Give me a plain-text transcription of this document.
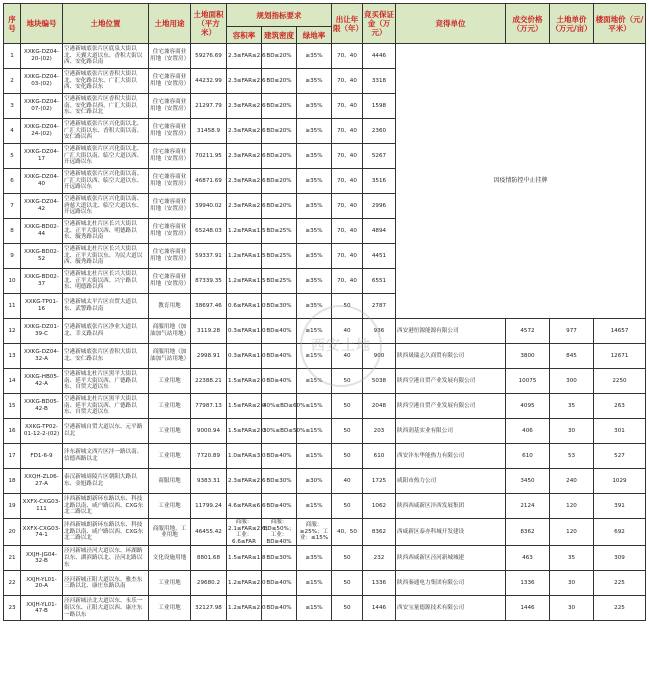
序号	地块编号	土地位置	土地用途	土地面积（平方米）	规划指标要求			出让年限（年）	竞买保证金（万元）	竞得单位	成交价格（万元）	土地单价（万元/亩）	楼面地价（元/平米）
					容积率	建筑密度	绿地率						
1	XXKG-DZ04-20-(02)	空港新城底张片区底泉大街以北、天翼大道以东、香积大街以西、安化路以南	住宅兼容商业用地（安置房）	59276.69	2.3≤FAR≤2.6	BD≤20%	≥35%	70、40	4446	因疫情防控中止挂牌			
2	XXKG-DZ04-03-(02)	空港新城底张片区香积大街以北、安化路以东、广汇大街以西、安化路以东	住宅兼容商业用地（安置房）	44232.99	2.3≤FAR≤2.6	BD≤20%	≥35%	70、40	3318				
3	XXKG-DZ04-07-(02)	空港新城底张片区香积大街以南、安化路以西、广汇大街以东、安仁路以北	住宅兼容商业用地（安置房）	21297.79	2.3≤FAR≤2.6	BD≤20%	≥35%	70、40	1598				
4	XXKG-DZ04-24-(02)	空港新城底张片区兴化街以北、广汇大街以东、香积大街以南、安仁路以西	住宅兼容商业用地（安置房）	31458.9	2.3≤FAR≤2.6	BD≤20%	≥35%	70、40	2360				
5	XXKG-DZ04-17	空港新城底张片区兴化街以北、广汇大街以南、临空大道以西、开远路以东	住宅兼容商业用地（安置房）	70211.95	2.3≤FAR≤2.6	BD≤20%	≥35%	70、40	5267				
6	XXKG-DZ04-40	空港新城底张片区兴化街以南、广汇大街以西、临空大道以东、开远路以东	住宅兼容商业用地（安置房）	46871.69	2.3≤FAR≤2.6	BD≤20%	≥35%	70、40	3516				
7	XXKG-DZ04-42	空港新城底张片区兴化街以南、唐慈大道以北、临空大道以东、开远路以东	住宅兼容商业用地（安置房）	39940.02	2.3≤FAR≤2.6	BD≤20%	≥35%	70、40	2996				
8	XXKG-BD02-44	空港新城北杜片区长兴大街以北、正平大街以西、明德路以东、毓秀路以南	住宅兼容商业用地（安置房）	65248.03	1.2≤FAR≤1.5	BD≤25%	≥35%	70、40	4894				
9	XXKG-BD02-52	空港新城北杜片区长兴大街以北、正平大街以东、为民大道以西、毓秀路以南	住宅兼容商业用地（安置房）	59337.91	1.2≤FAR≤1.5	BD≤25%	≥35%	70、40	4451				
10	XXKG-BD02-37	空港新城北杜片区长兴大街以北、正平大街以西、兴宁路以东、明德路以西	住宅兼容商业用地（安置房）	87339.35	1.2≤FAR≤1.5	BD≤25%	≥35%	70、40	6551				
11	XXKG-TP01-16	空港新城太平片区自贸大道以东、武警路以南	教育用地	38697.46	0.6≤FAR≤1.0	BD≤30%	≥35%	50	2787				
12	XXKG-DZ01-39-C	空港新城底张片区净业大道以北、幸义路以西	商服用地（加油加气站用地）	3119.28	0.3≤FAR≤1.0	BD≤40%	≥15%	40	936	西安港恒源能源有限公司	4572	977	14657
13	XXKG-DZ04-32-A	空港新城底张片区香积大街以北、安仁路以东	商服用地（加油加气站用地）	2998.91	0.3≤FAR≤1.0	BD≤40%	≥15%	40	900	陕西晟瑞志久商贸有限公司	3800	845	12671
14	XXKG-HB05-42-A	空港新城北杜片区黑平大街以南、延平大街以西、广德路以东、自贸大道以东	工业用地	22388.21	1.5≤FAR≤2.0	BD≥40%	≤15%	50	5038	陕西空港自贸产业发展有限公司	10075	300	2250
15	XXKG-BD05-42-B	空港新城北杜片区黑平大街以南、延平大街以西、广德路以东、自贸大道以东	工业用地	77987.13	1.5≤FAR≤2.0	40%≤BD≤60%	≤15%	50	2048	陕西空港自贸产业发展有限公司	4095	35	263
16	XXKG-TP02-01-12-2-(02)	空港新城自贸大道以东、元平路以北	工业用地	9000.94	1.5≤FAR≤2.0	30%≤BD≤50%	≤15%	50	203	陕西润基实业有限公司	406	30	301
17	FD1-6-9	沣东新城文西片区沣一路以南、信德西路以北	工业用地	7720.89	1.0≤FAR≤3.0	BD≥40%	≤15%	50	610	西安沣东华能热力有限公司	610	53	527
18	XXQH-ZL06-27-A	泰汉新城周陵片区朝阳大路以东、金旭路以北	商服用地	9383.31	2.3≤FAR≤2.6	BD≤30%	≥30%	40	1725	咸阳市热力公司	3450	240	1029
19	XXFX-CXG03-111	沣西新城朗新环东路以东、科技北路以南、咸户路以西、CXG东北二路以北	工业用地	11799.24	4.6≤FAR≤6.6	BD≥40%	≤15%	50	1062	陕西西咸新区沣西发展集团	2124	120	391
20	XXFX-CXG03-74-1	沣西新城朗新环东路以东、科技北路以南、咸户路以西、CXG东北二路以北	商服用地、工业用地	46455.42	商服：2.1≤FAR≤2.6；工业：6.6≤FAR	商服：BD≤50%；工业：BD≥40%	商服：≥25%；工业：≤15%	40、50	8362	西咸新区泰亦科城开发建设	8362	120	692
21	XXJH-JG04-32-B	泾河新城泾河大道以东、环湖路以东、湖滨路以北、泾河北路以东	文化设施用地	8801.68	1.5≤FAR≤1.8	BD≤30%	≥35%	50	232	陕西西咸新区泾河新城城建	463	35	309
22	XXJH-YL01-20-A	泾河新城正阳大道以东、雅杰东三路以北、康庄东路以南	工业用地	29680.2	1.2≤FAR≤2.0	BD≥40%	≤15%	50	1336	陕西秦通电力集团有限公司	1336	30	225
23	XXJH-YL01-47-B	泾河新城泾北大道以东、永乐一街以东、正阳大道以西、康庄东一路以东	工业用地	32127.98	1.2≤FAR≤2.0	BD≥40%	≤15%	50	1446	西安宝量德源技术有限公司	1446	30	225
西安土地
